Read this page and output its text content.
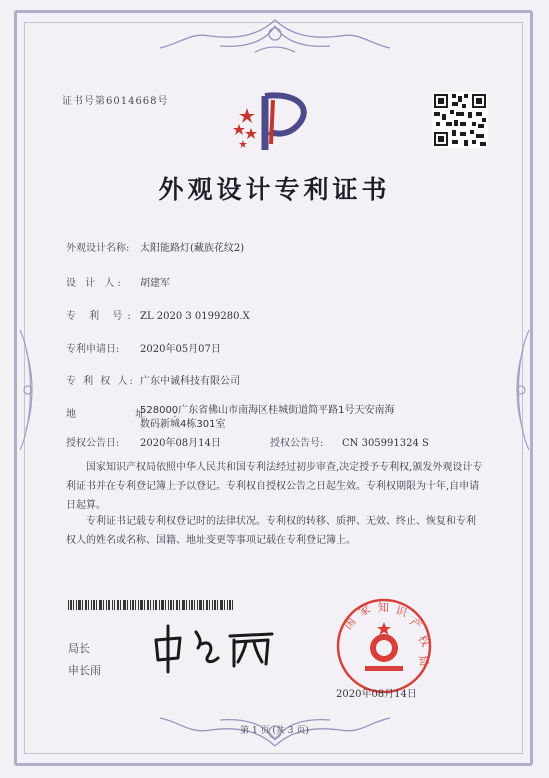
证书号第6014668号
外观设计专利证书
外观设计名称: 太阳能路灯(藏族花纹2)
设 计 人: 胡建军
专 利 号: ZL 2020 3 0199280.X
专利申请日: 2020年05月07日
专 利 权 人: 广东中诚科技有限公司
地 址:
528000广东省佛山市南海区桂城街道简平路1号天安南海
数码新城4栋301室
授权公告日: 2020年08月14日	授权公告号: CN 305991324 S
国家知识产权局依照中华人民共和国专利法经过初步审查,决定授予专利权,颁发外观设计专利证书并在专利登记簿上予以登记。专利权自授权公告之日起生效。专利权期限为十年,自申请日起算。
专利证书记载专利权登记时的法律状况。专利权的转移、质押、无效、终止、恢复和专利权人的姓名或名称、国籍、地址变更等事项记载在专利登记簿上。
局长
申长雨
国
家 知 识
产
权
局
2020年08月14日
第 1 页 (共 3 页)
